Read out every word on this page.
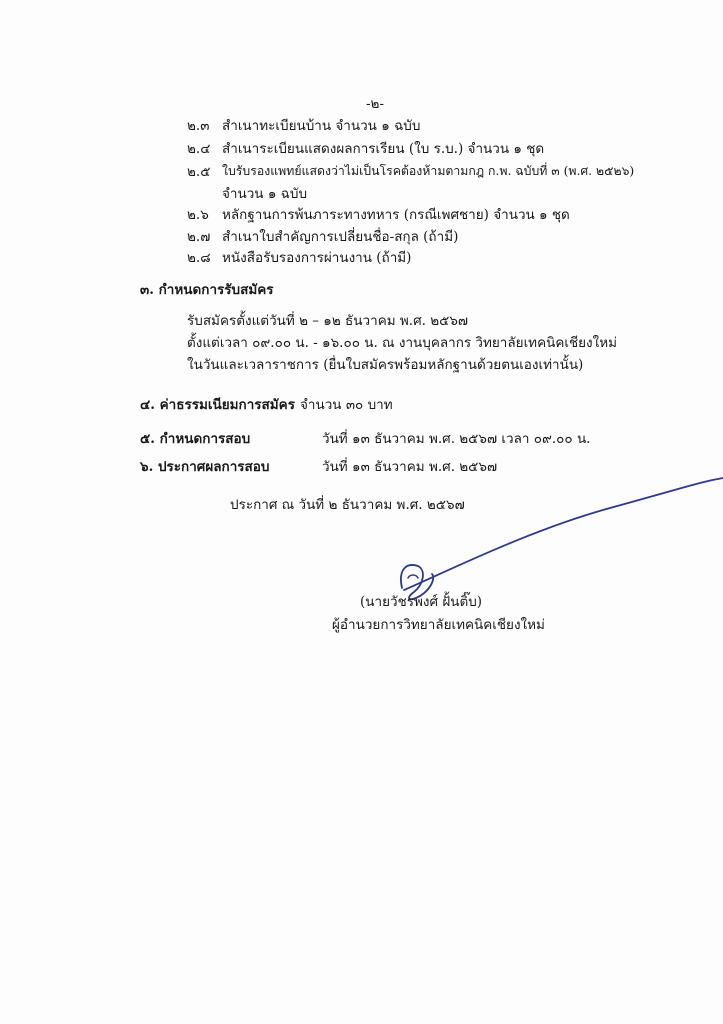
-๒-
๒.๓ สำเนาทะเบียนบ้าน จำนวน ๑ ฉบับ
๒.๔ สำเนาระเบียนแสดงผลการเรียน (ใบ ร.บ.) จำนวน ๑ ชุด
๒.๕ ใบรับรองแพทย์แสดงว่าไม่เป็นโรคต้องห้ามตามกฎ ก.พ. ฉบับที่ ๓ (พ.ศ. ๒๕๒๖)
จำนวน ๑ ฉบับ
๒.๖ หลักฐานการพ้นภาระทางทหาร (กรณีเพศชาย) จำนวน ๑ ชุด
๒.๗ สำเนาใบสำคัญการเปลี่ยนชื่อ-สกุล (ถ้ามี)
๒.๘ หนังสือรับรองการผ่านงาน (ถ้ามี)
๓. กำหนดการรับสมัคร
รับสมัครตั้งแต่วันที่ ๒ – ๑๒ ธันวาคม พ.ศ. ๒๕๖๗
ตั้งแต่เวลา ๐๙.๐๐ น. - ๑๖.๐๐ น. ณ งานบุคลากร วิทยาลัยเทคนิคเชียงใหม่
ในวันและเวลาราชการ (ยื่นใบสมัครพร้อมหลักฐานด้วยตนเองเท่านั้น)
๔. ค่าธรรมเนียมการสมัคร จำนวน ๓๐ บาท
๕. กำหนดการสอบ	วันที่ ๑๓ ธันวาคม พ.ศ. ๒๕๖๗ เวลา ๐๙.๐๐ น.
๖. ประกาศผลการสอบ	วันที่ ๑๓ ธันวาคม พ.ศ. ๒๕๖๗
ประกาศ ณ วันที่ ๒ ธันวาคม พ.ศ. ๒๕๖๗
(นายวัชรพงศ์ ฝั้นติ๊บ)
ผู้อำนวยการวิทยาลัยเทคนิคเชียงใหม่
